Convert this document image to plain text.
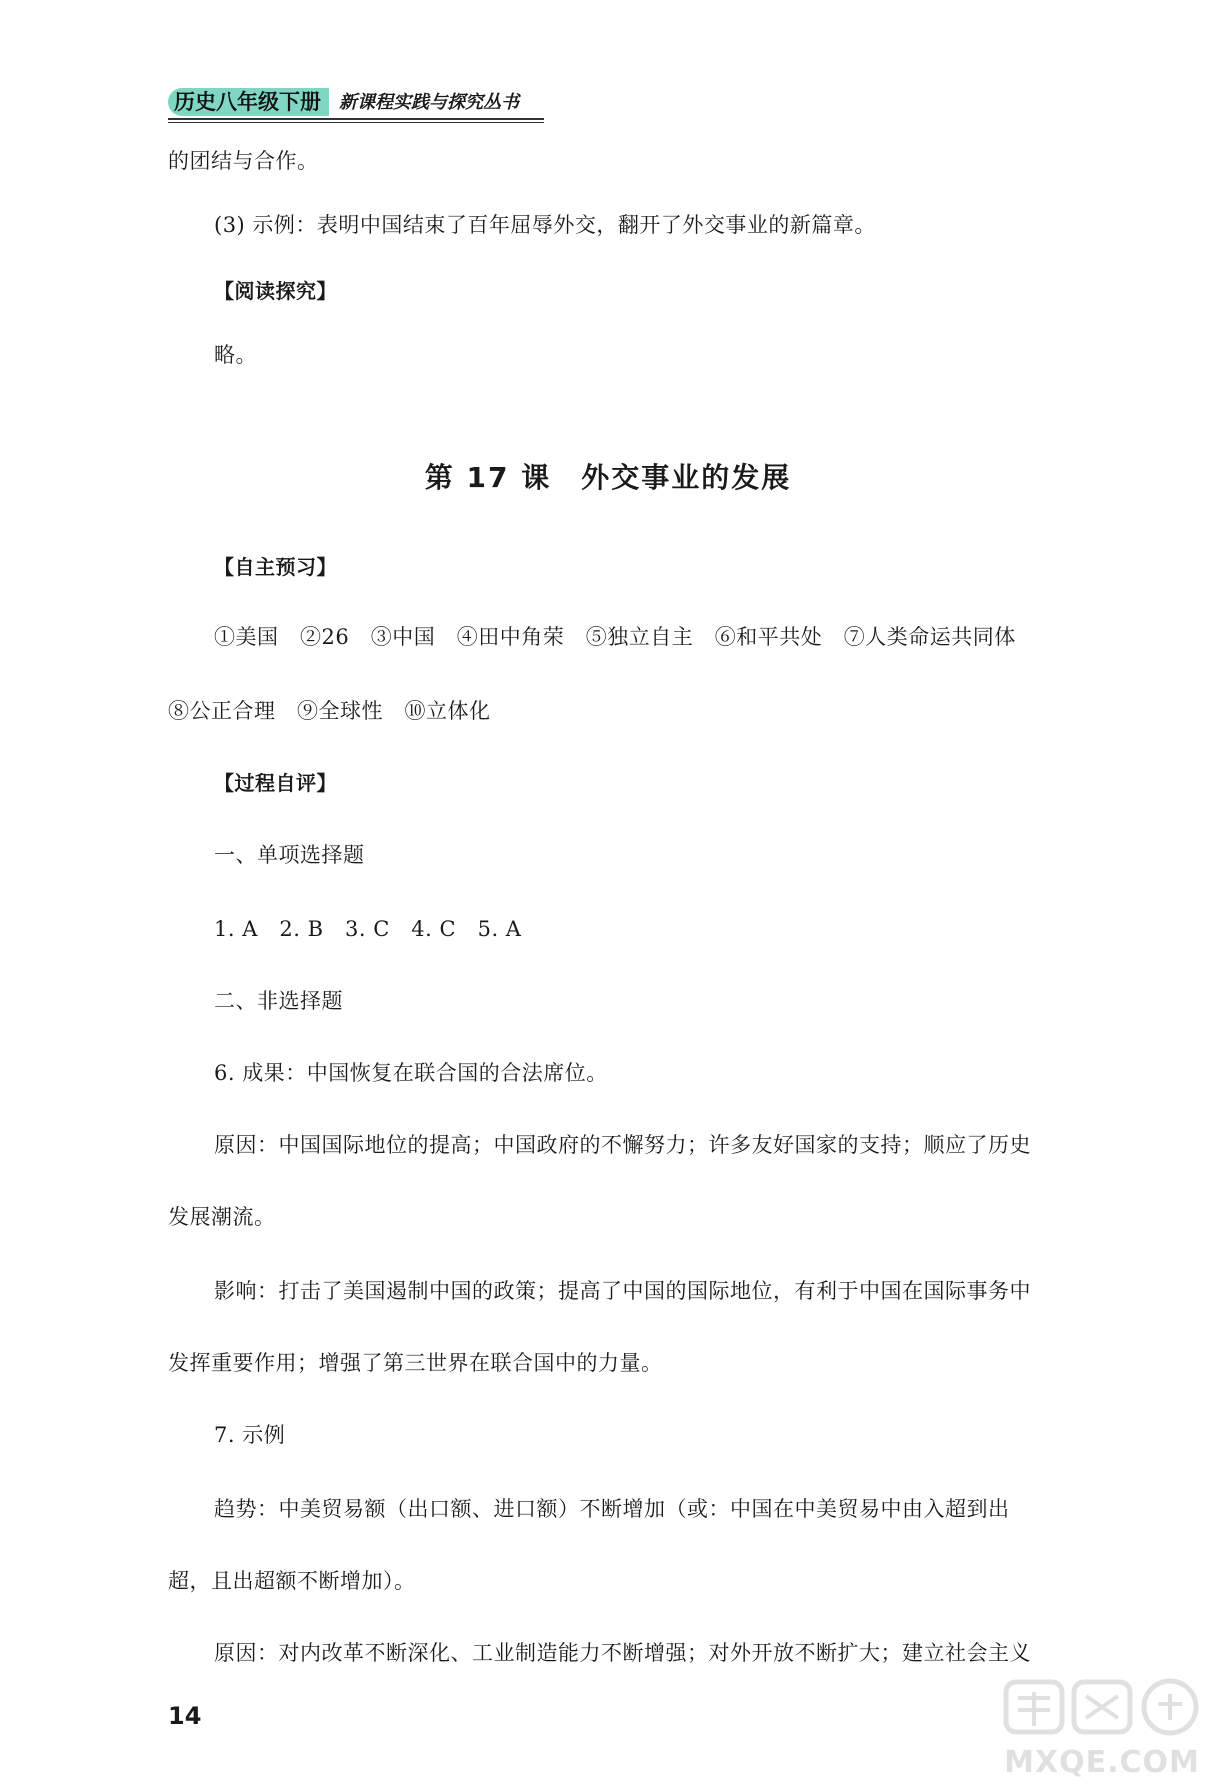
历史八年级下册	新课程实践与探究丛书
的团结与合作。
(3) 示例：表明中国结束了百年屈辱外交，翻开了外交事业的新篇章。
【阅读探究】
略。
第 17 课　外交事业的发展
【自主预习】
①美国　②26　③中国　④田中角荣　⑤独立自主　⑥和平共处　⑦人类命运共同体
⑧公正合理　⑨全球性　⑩立体化
【过程自评】
一、单项选择题
1. A　2. B　3. C　4. C　5. A
二、非选择题
6. 成果：中国恢复在联合国的合法席位。
原因：中国国际地位的提高；中国政府的不懈努力；许多友好国家的支持；顺应了历史
发展潮流。
影响：打击了美国遏制中国的政策；提高了中国的国际地位，有利于中国在国际事务中
发挥重要作用；增强了第三世界在联合国中的力量。
7. 示例
趋势：中美贸易额（出口额、进口额）不断增加（或：中国在中美贸易中由入超到出
超，且出超额不断增加）。
原因：对内改革不断深化、工业制造能力不断增强；对外开放不断扩大；建立社会主义
14
MXQE.COM
